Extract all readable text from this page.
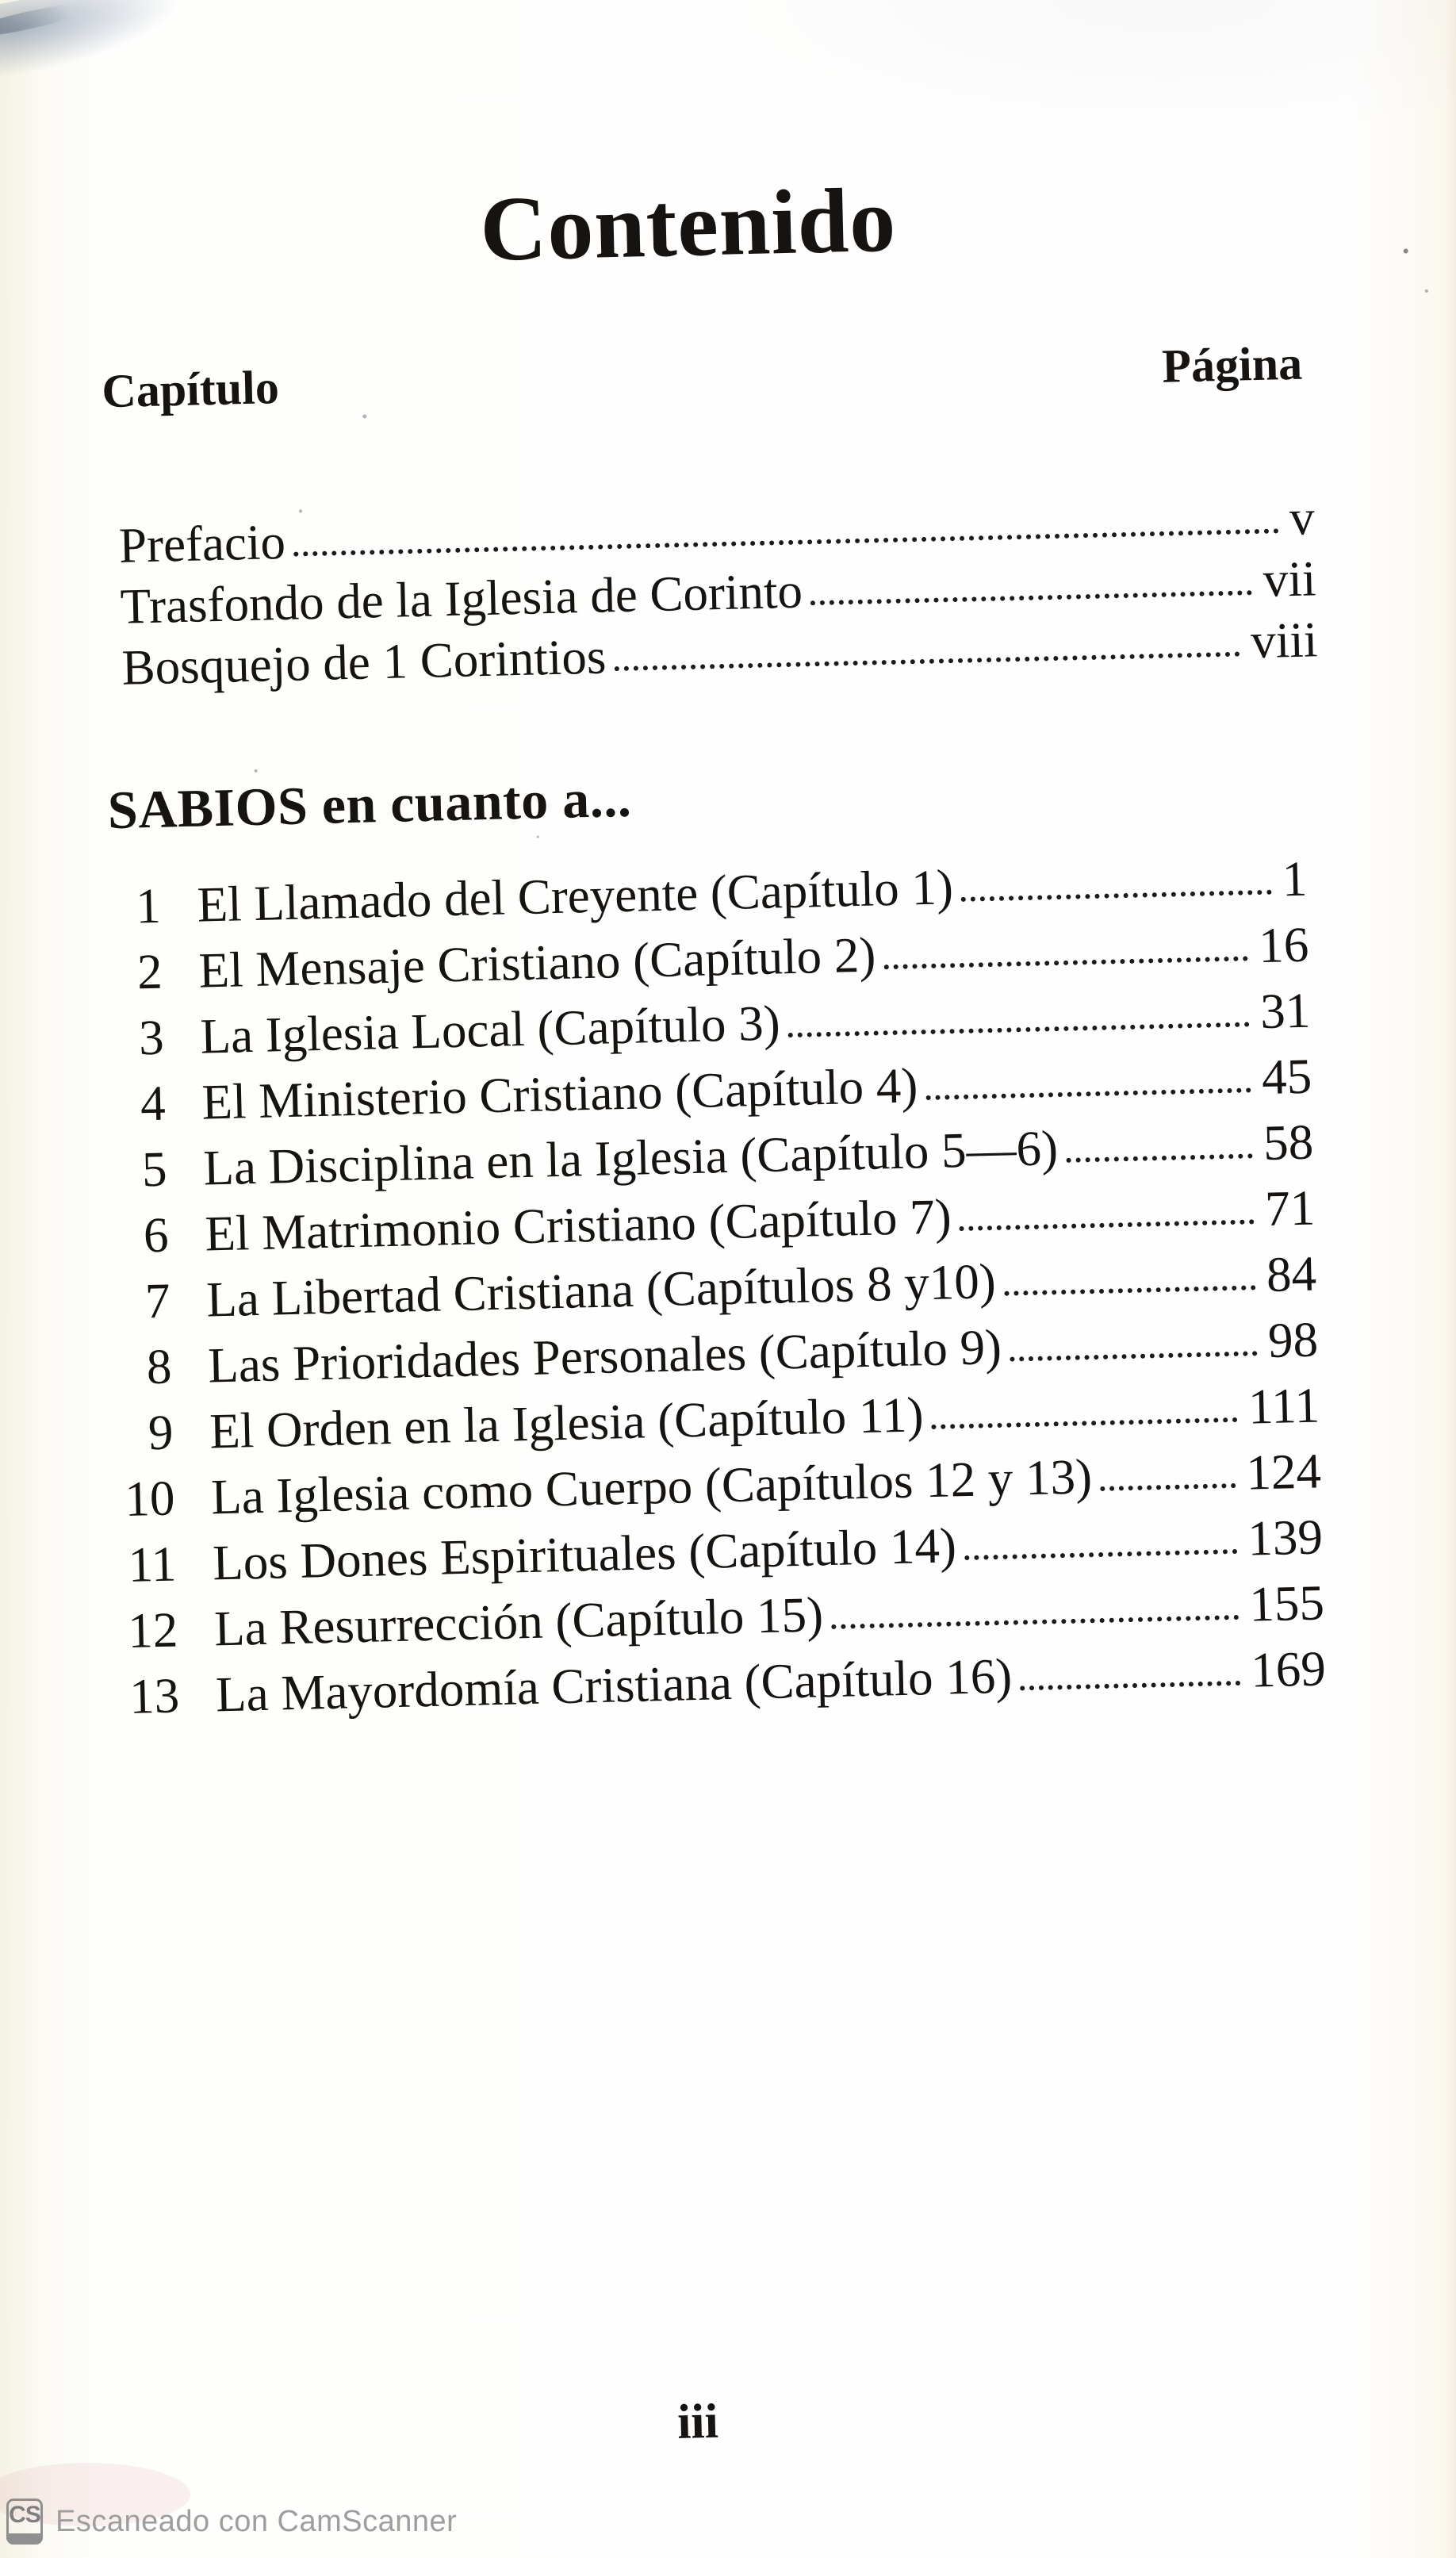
Contenido
Capítulo	Página
Prefacio	v
Trasfondo de la Iglesia de Corinto	vii
Bosquejo de 1 Corintios	viii
SABIOS en cuanto a...
1 El Llamado del Creyente (Capítulo 1)	1
2 El Mensaje Cristiano (Capítulo 2)	16
3 La Iglesia Local (Capítulo 3)	31
4 El Ministerio Cristiano (Capítulo 4)	45
5 La Disciplina en la Iglesia (Capítulo 5—6)	58
6 El Matrimonio Cristiano (Capítulo 7)	71
7 La Libertad Cristiana (Capítulos 8 y10)	84
8 Las Prioridades Personales (Capítulo 9)	98
9 El Orden en la Iglesia (Capítulo 11)	111
10 La Iglesia como Cuerpo (Capítulos 12 y 13)	124
11 Los Dones Espirituales (Capítulo 14)	139
12 La Resurrección (Capítulo 15)	155
13 La Mayordomía Cristiana (Capítulo 16)	169
iii
CS Escaneado con CamScanner
